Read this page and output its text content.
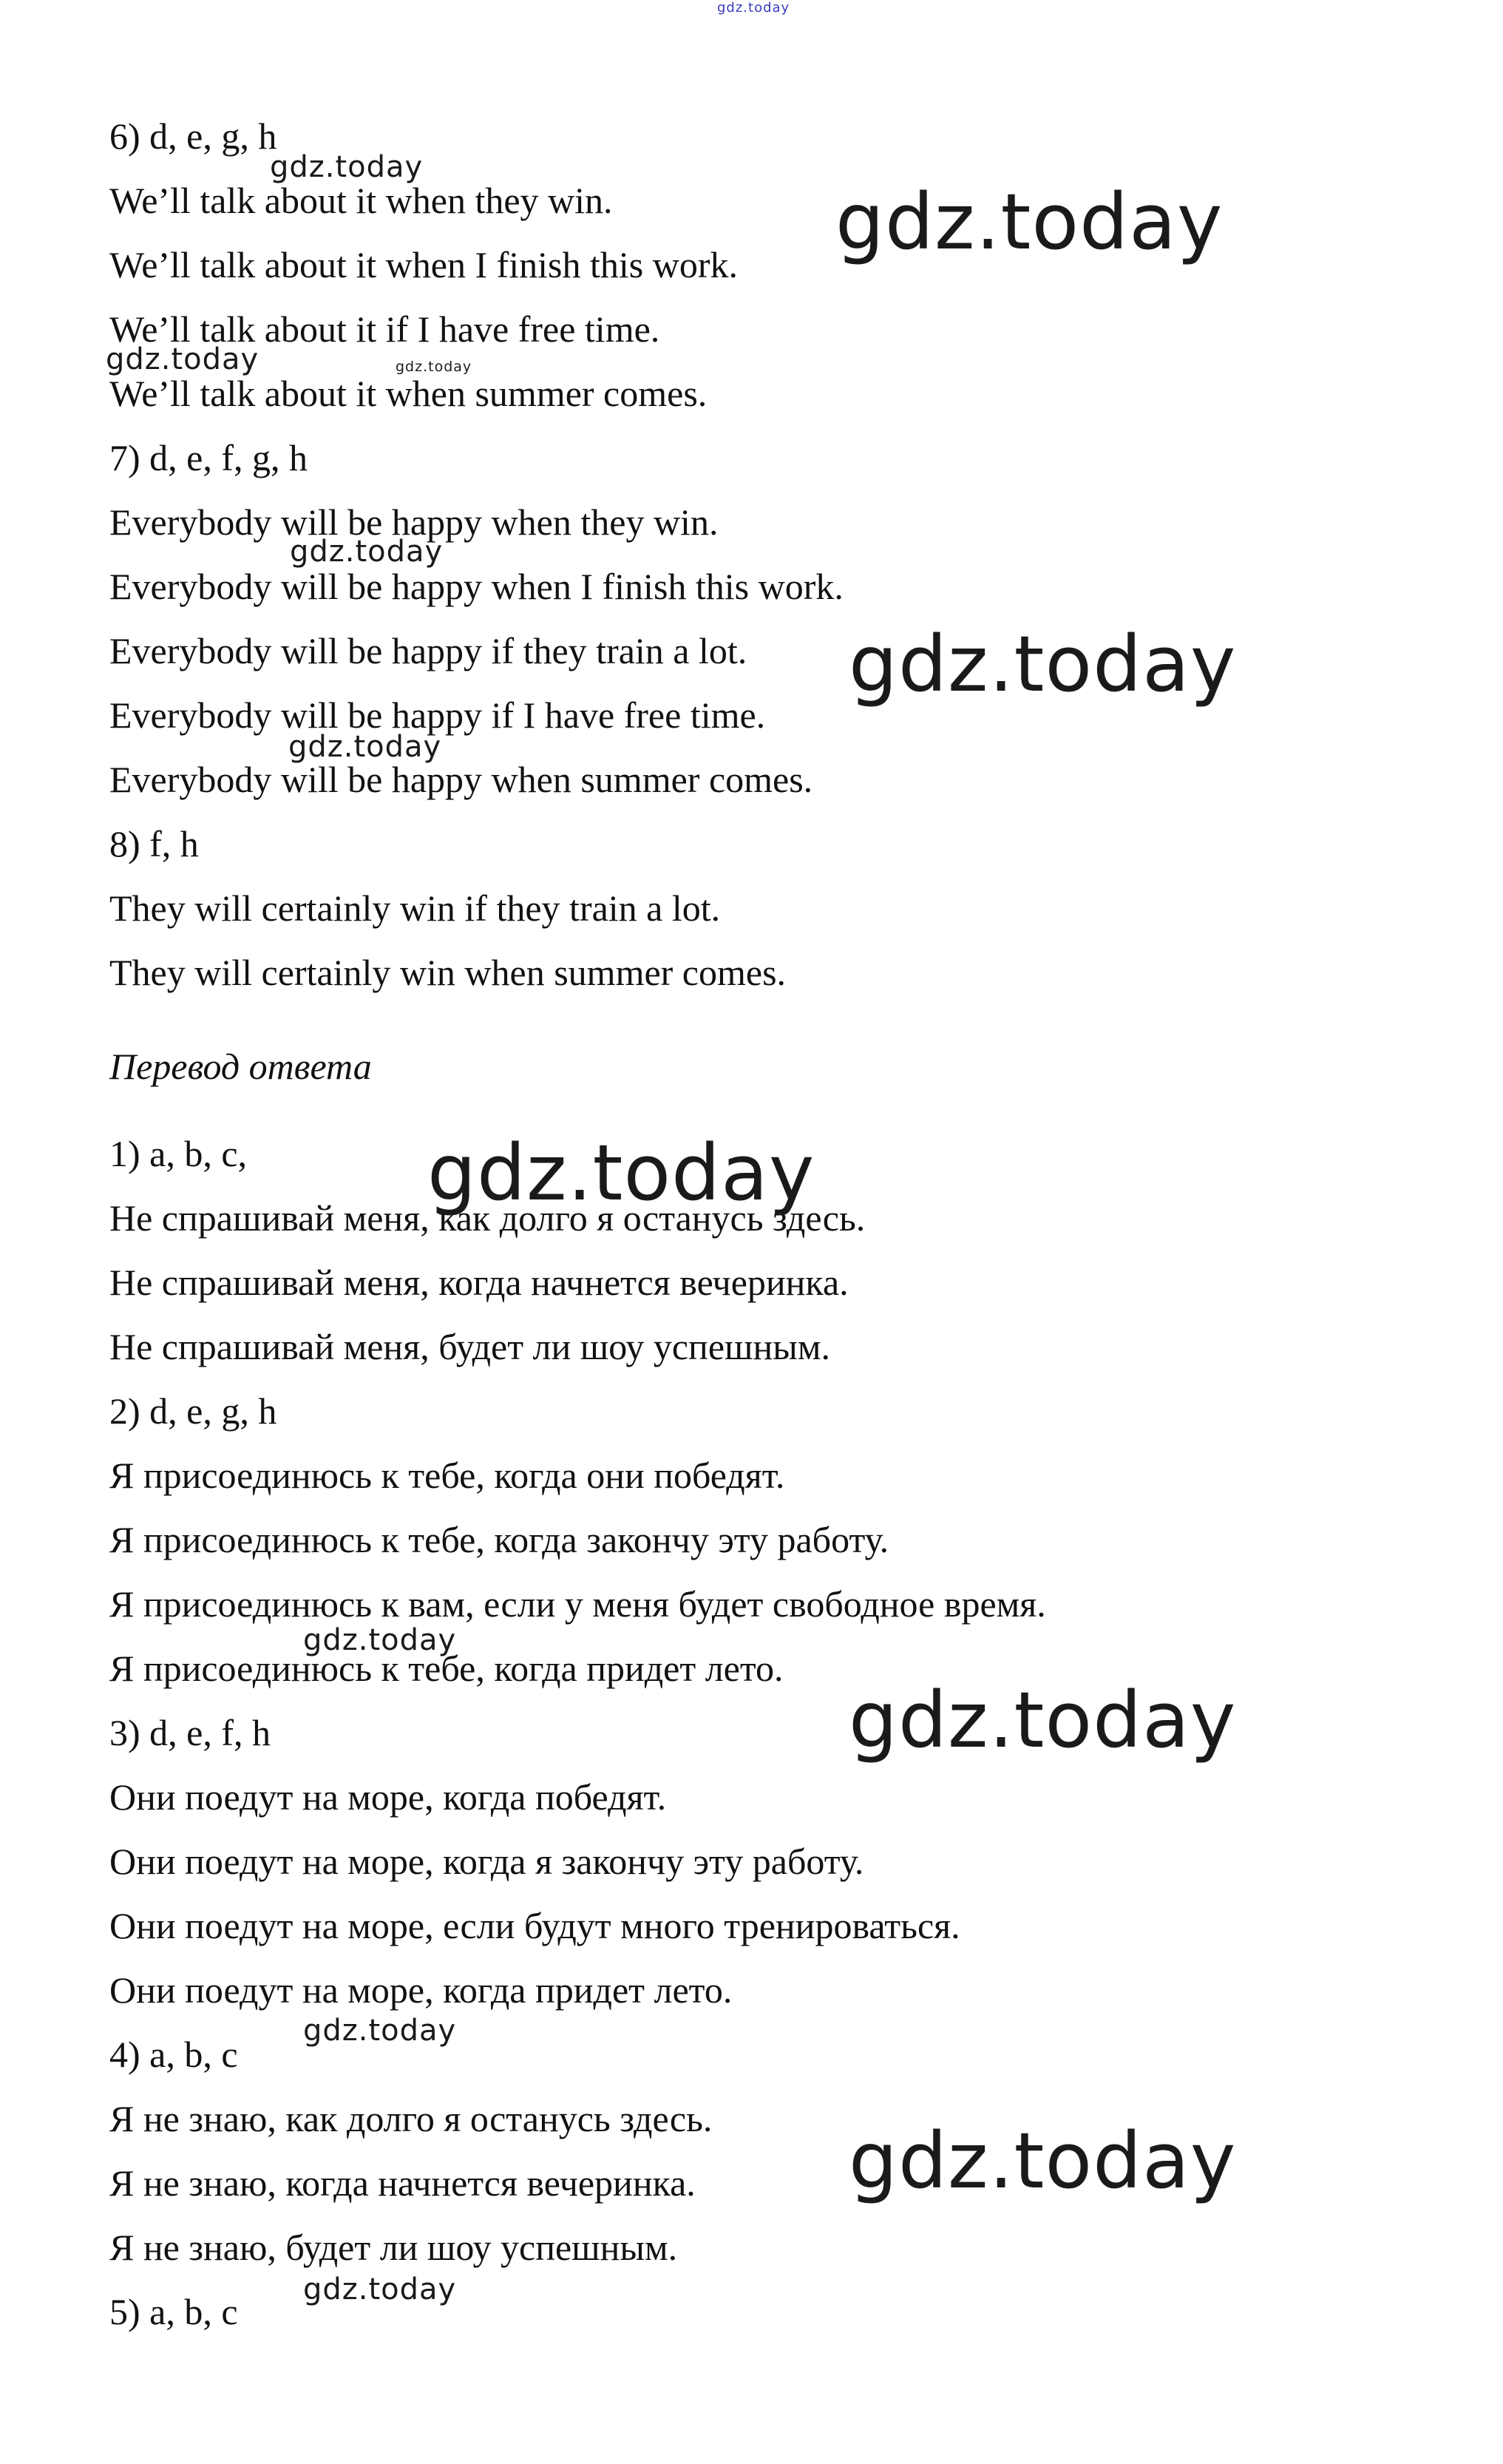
gdz.today
6) d, e, g, h
We’ll talk about it when they win.
We’ll talk about it when I finish this work.
We’ll talk about it if I have free time.
We’ll talk about it when summer comes.
7) d, e, f, g, h
Everybody will be happy when they win.
Everybody will be happy when I finish this work.
Everybody will be happy if they train a lot.
Everybody will be happy if I have free time.
Everybody will be happy when summer comes.
8) f, h
They will certainly win if they train a lot.
They will certainly win when summer comes.
Перевод ответа
1) a, b, c,
Не спрашивай меня, как долго я останусь здесь.
Не спрашивай меня, когда начнется вечеринка.
Не спрашивай меня, будет ли шоу успешным.
2) d, e, g, h
Я присоединюсь к тебе, когда они победят.
Я присоединюсь к тебе, когда закончу эту работу.
Я присоединюсь к вам, если у меня будет свободное время.
Я присоединюсь к тебе, когда придет лето.
3) d, e, f, h
Они поедут на море, когда победят.
Они поедут на море, когда я закончу эту работу.
Они поедут на море, если будут много тренироваться.
Они поедут на море, когда придет лето.
4) a, b, c
Я не знаю, как долго я останусь здесь.
Я не знаю, когда начнется вечеринка.
Я не знаю, будет ли шоу успешным.
5) a, b, c
gdz.today
gdz.today
gdz.today	gdz.today
gdz.today
gdz.today
gdz.today
gdz.today
gdz.today
gdz.today
gdz.today
gdz.today
gdz.today
